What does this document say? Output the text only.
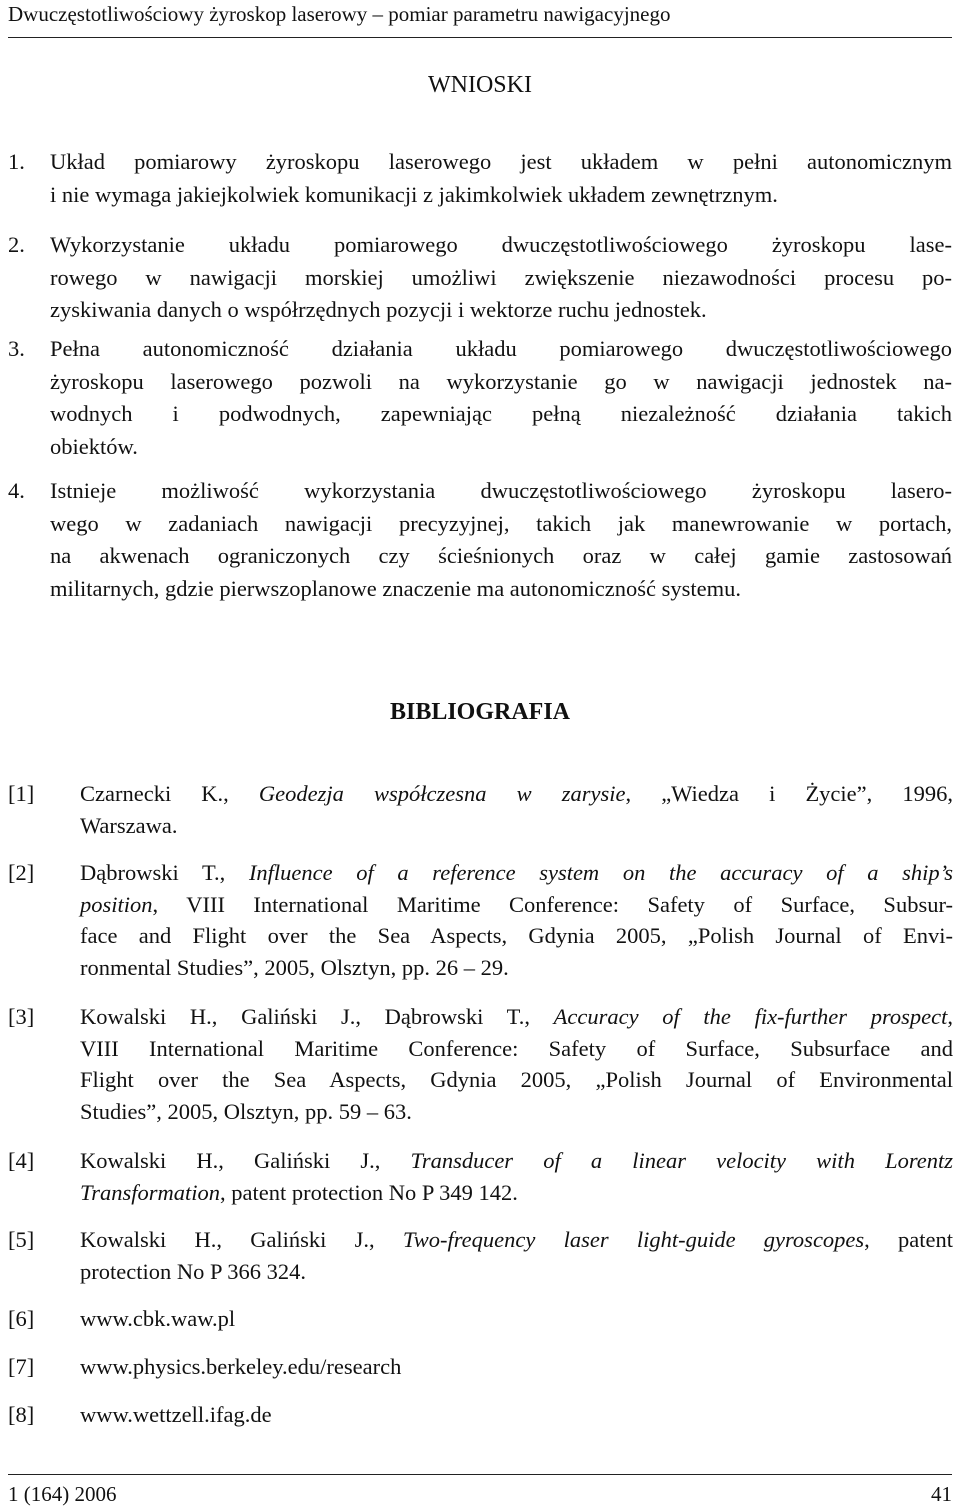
Dwuczęstotliwościowy żyroskop laserowy – pomiar parametru nawigacyjnego
WNIOSKI
1. Układ pomiarowy żyroskopu laserowego jest układem w pełni autonomicznym
i nie wymaga jakiejkolwiek komunikacji z jakimkolwiek układem zewnętrznym.
2. Wykorzystanie układu pomiarowego dwuczęstotliwościowego żyroskopu lase-
rowego w nawigacji morskiej umożliwi zwiększenie niezawodności procesu po-
zyskiwania danych o współrzędnych pozycji i wektorze ruchu jednostek.
3. Pełna autonomiczność działania układu pomiarowego dwuczęstotliwościowego
żyroskopu laserowego pozwoli na wykorzystanie go w nawigacji jednostek na-
wodnych i podwodnych, zapewniając pełną niezależność działania takich
obiektów.
4. Istnieje możliwość wykorzystania dwuczęstotliwościowego żyroskopu lasero-
wego w zadaniach nawigacji precyzyjnej, takich jak manewrowanie w portach,
na akwenach ograniczonych czy ścieśnionych oraz w całej gamie zastosowań
militarnych, gdzie pierwszoplanowe znaczenie ma autonomiczność systemu.
BIBLIOGRAFIA
[1] Czarnecki K., Geodezja współczesna w zarysie, „Wiedza i Życie”, 1996,
Warszawa.
[2] Dąbrowski T., Influence of a reference system on the accuracy of a ship’s
position, VIII International Maritime Conference: Safety of Surface, Subsur-
face and Flight over the Sea Aspects, Gdynia 2005, „Polish Journal of Envi-
ronmental Studies”, 2005, Olsztyn, pp. 26 – 29.
[3] Kowalski H., Galiński J., Dąbrowski T., Accuracy of the fix-further prospect,
VIII International Maritime Conference: Safety of Surface, Subsurface and
Flight over the Sea Aspects, Gdynia 2005, „Polish Journal of Environmental
Studies”, 2005, Olsztyn, pp. 59 – 63.
[4] Kowalski H., Galiński J., Transducer of a linear velocity with Lorentz
Transformation, patent protection No P 349 142.
[5] Kowalski H., Galiński J., Two-frequency laser light-guide gyroscopes, patent
protection No P 366 324.
[6] www.cbk.waw.pl
[7] www.physics.berkeley.edu/research
[8] www.wettzell.ifag.de
1 (164) 2006	41
